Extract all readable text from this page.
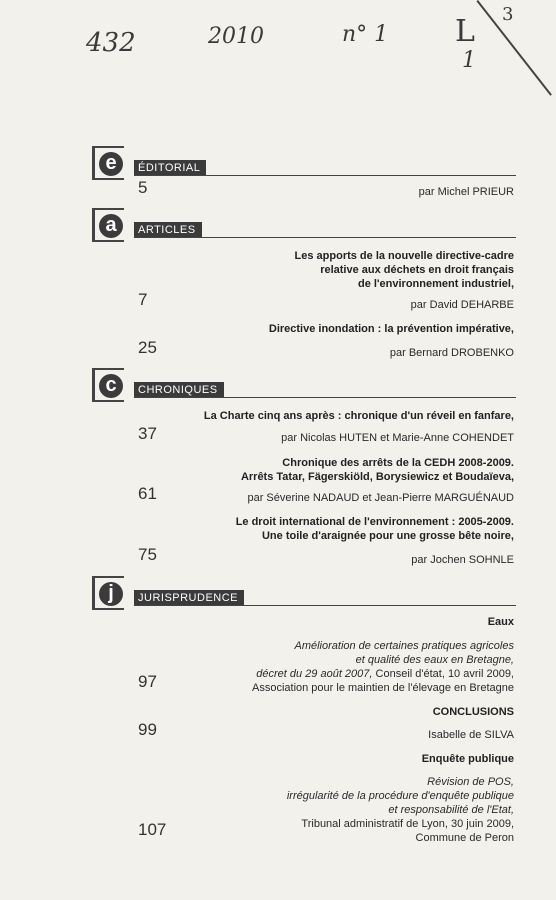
432	2010	n° 1 L
1
3
e	ÉDITORIAL
5	par Michel PRIEUR
a	ARTICLES
Les apports de la nouvelle directive-cadre
relative aux déchets en droit français
de l'environnement industriel,
7	par David DEHARBE
Directive inondation : la prévention impérative,
25	par Bernard DROBENKO
c	CHRONIQUES
La Charte cinq ans après : chronique d'un réveil en fanfare,
37	par Nicolas HUTEN et Marie-Anne COHENDET
Chronique des arrêts de la CEDH 2008-2009.
Arrêts Tatar, Fägerskiöld, Borysiewicz et Boudaïeva,
61	par Séverine NADAUD et Jean-Pierre MARGUÉNAUD
Le droit international de l'environnement : 2005-2009.
Une toile d'araignée pour une grosse bête noire,
75	par Jochen SOHNLE
j	JURISPRUDENCE
Eaux
Amélioration de certaines pratiques agricoles
et qualité des eaux en Bretagne,
décret du 29 août 2007, Conseil d'état, 10 avril 2009,
Association pour le maintien de l'élevage en Bretagne
97
CONCLUSIONS
99	Isabelle de SILVA
Enquête publique
Révision de POS,
irrégularité de la procédure d'enquête publique
et responsabilité de l'Etat,
Tribunal administratif de Lyon, 30 juin 2009,
Commune de Peron
107
